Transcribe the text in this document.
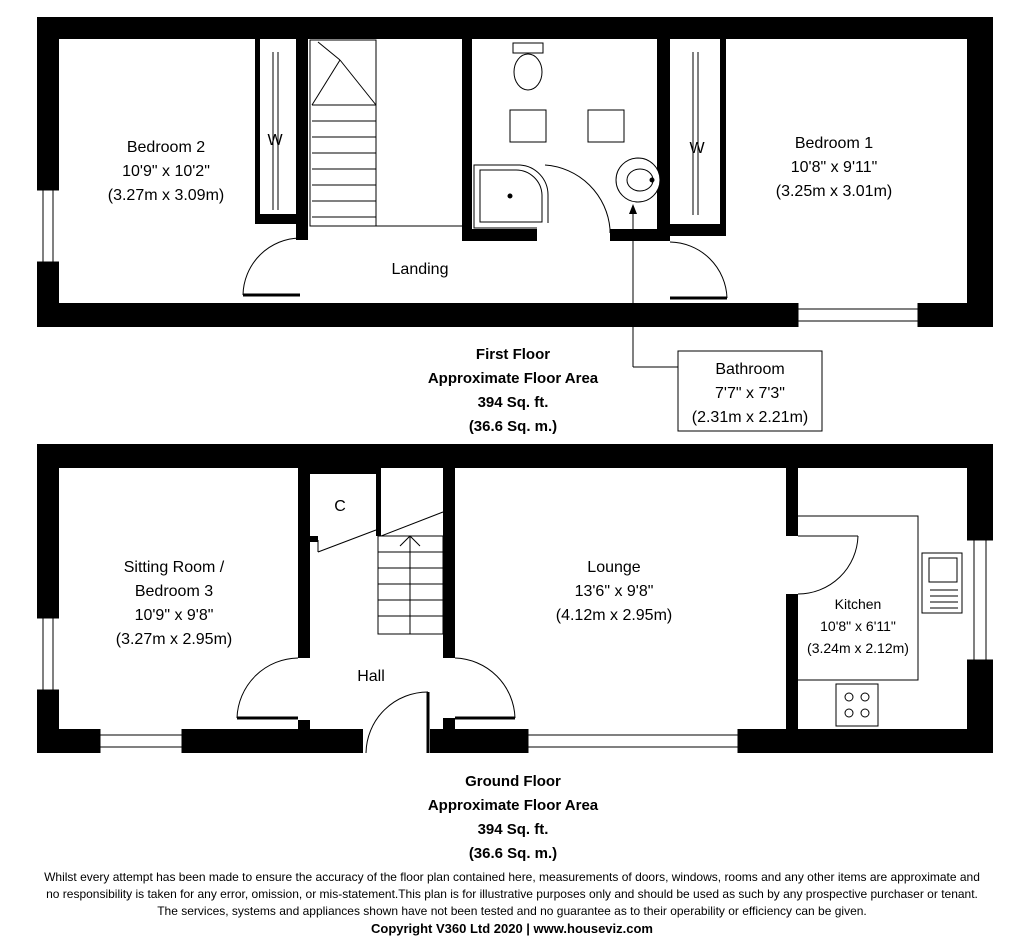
Bedroom 2
10'9" x 10'2"
(3.27m x 3.09m)
W	W	Bedroom 1
10'8" x 9'11"
(3.25m x 3.01m)
Landing
Bathroom
7'7" x 7'3"
(2.31m x 2.21m)
First Floor
Approximate Floor Area
394 Sq. ft.
(36.6 Sq. m.)
Sitting Room /
Bedroom 3
10'9" x 9'8"
(3.27m x 2.95m)
C
Hall
Lounge
13'6" x 9'8"
(4.12m x 2.95m)
Kitchen
10'8" x 6'11"
(3.24m x 2.12m)
Ground Floor
Approximate Floor Area
394 Sq. ft.
(36.6 Sq. m.)
Whilst every attempt has been made to ensure the accuracy of the floor plan contained here, measurements of doors, windows, rooms and any other items are approximate and
no responsibility is taken for any error, omission, or mis-statement.This plan is for illustrative purposes only and should be used as such by any prospective purchaser or tenant.
The services, systems and appliances shown have not been tested and no guarantee as to their operability or efficiency can be given.
Copyright V360 Ltd 2020 | www.houseviz.com
